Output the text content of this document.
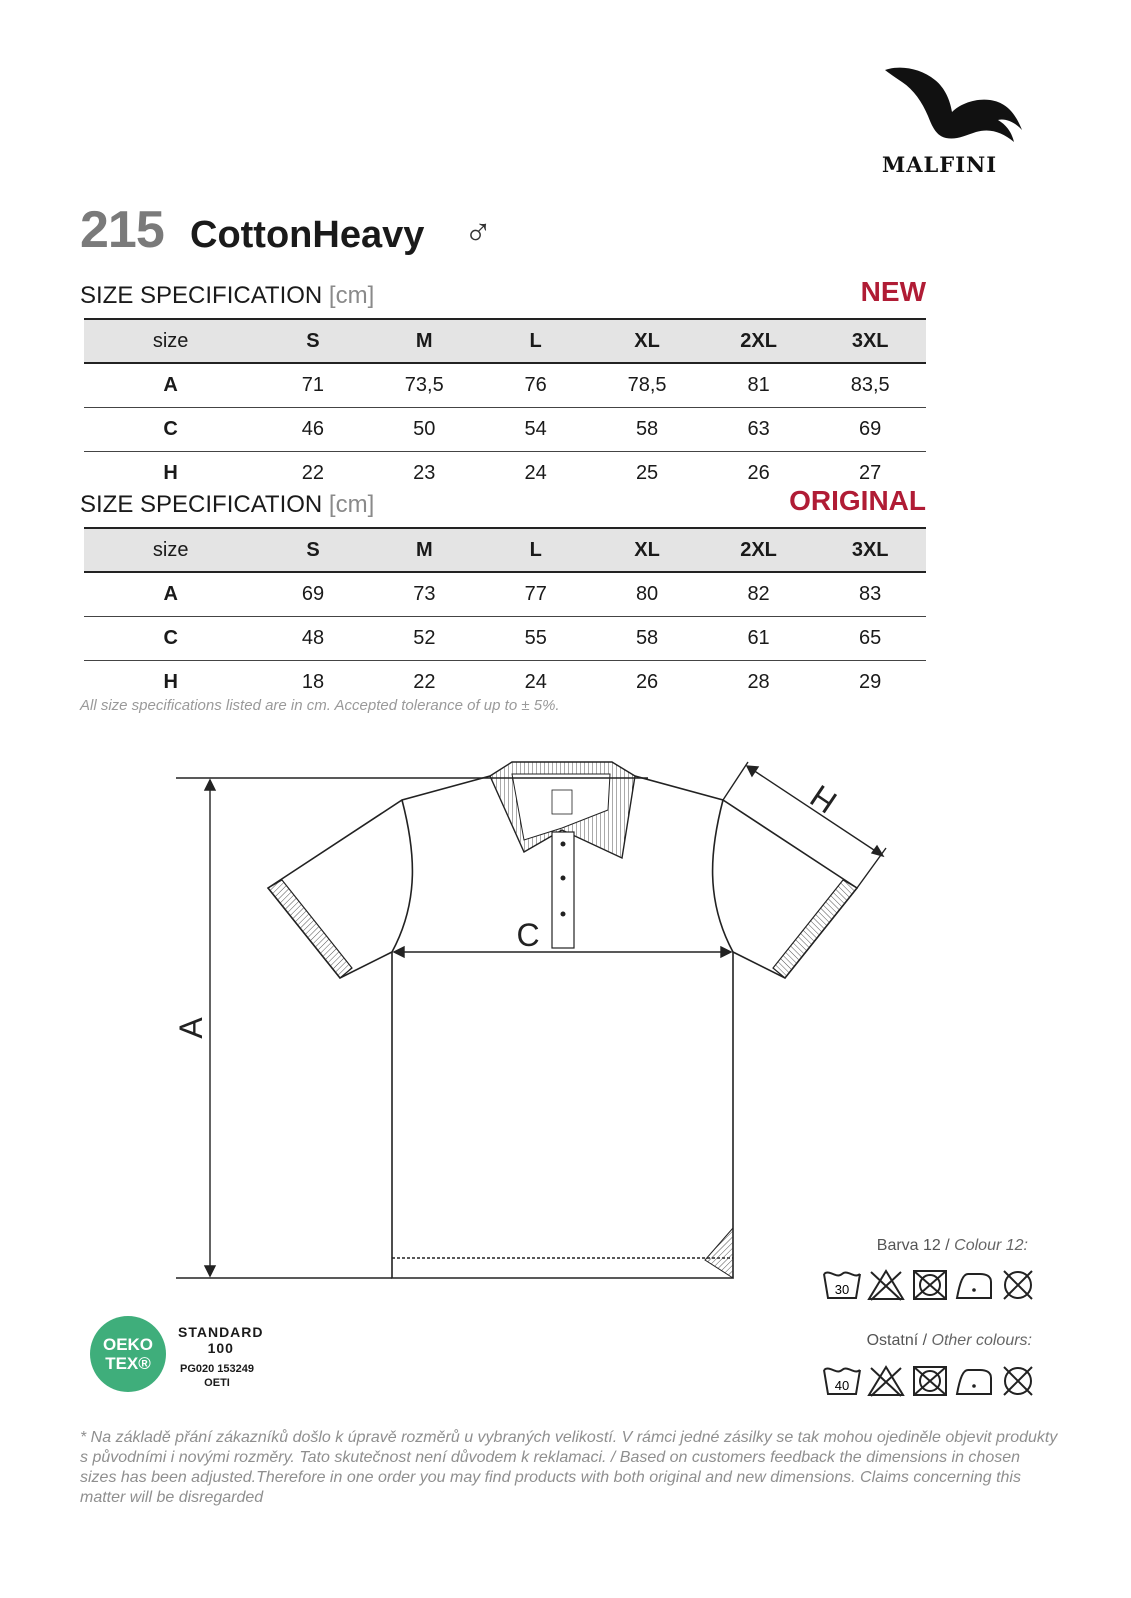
MALFINI
215 CottonHeavy ♂
SIZE SPECIFICATION [cm]	NEW
size	S	M	L	XL	2XL	3XL
A	71	73,5	76	78,5	81	83,5
C	46	50	54	58	63	69
H	22	23	24	25	26	27
SIZE SPECIFICATION [cm]	ORIGINAL
size	S	M	L	XL	2XL	3XL
A	69	73	77	80	82	83
C	48	52	55	58	61	65
H	18	22	24	26	28	29
All size specifications listed are in cm. Accepted tolerance of up to ± 5%.
A
C
H
Barva 12 / Colour 12:
30
Ostatní / Other colours:
40
OEKO
TEX®
STANDARD
100
PG020 153249
OETI
* Na základě přání zákazníků došlo k úpravě rozměrů u vybraných velikostí. V rámci jedné zásilky se tak mohou ojediněle objevit produkty s původními i novými rozměry. Tato skutečnost není důvodem k reklamaci. / Based on customers feedback the dimensions in chosen sizes has been adjusted.Therefore in one order you may find products with both original and new dimensions. Claims concerning this matter will be disregarded
